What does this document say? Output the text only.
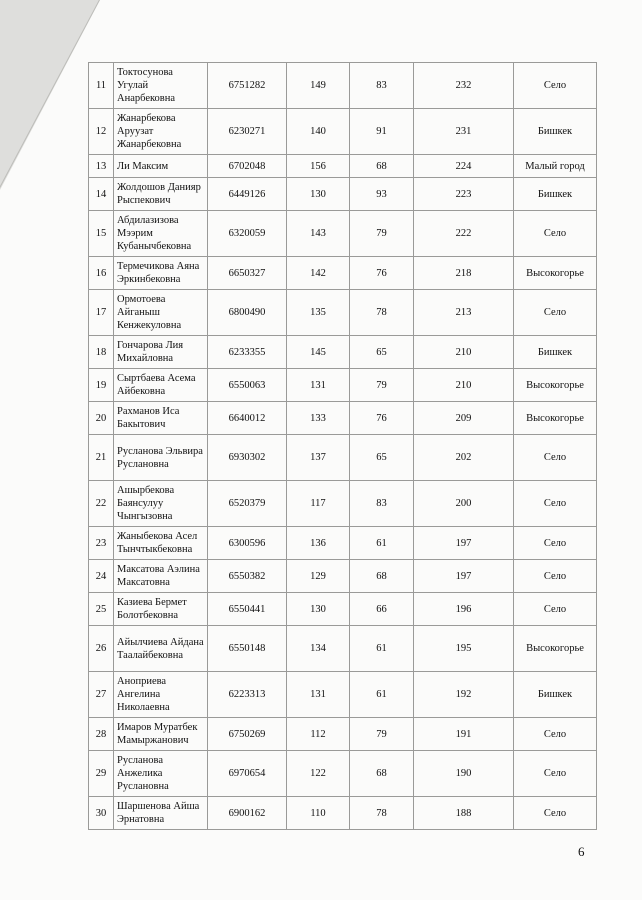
11	Токтосунова Угулай Анарбековна	6751282	149	83	232	Село
12	Жанарбекова Аруузат Жанарбековна	6230271	140	91	231	Бишкек
13	Ли Максим	6702048	156	68	224	Малый город
14	Жолдошов Данияр Рыспекович	6449126	130	93	223	Бишкек
15	Абдилазизова Мээрим Кубанычбековна	6320059	143	79	222	Село
16	Термечикова Аяна Эркинбековна	6650327	142	76	218	Высокогорье
17	Ормотоева Айганыш Кенжекуловна	6800490	135	78	213	Село
18	Гончарова Лия Михайловна	6233355	145	65	210	Бишкек
19	Сыртбаева Асема Айбековна	6550063	131	79	210	Высокогорье
20	Рахманов Иса Бакытович	6640012	133	76	209	Высокогорье
21	Русланова Эльвира Руслановна	6930302	137	65	202	Село
22	Ашырбекова Баянсулуу Чынгызовна	6520379	117	83	200	Село
23	Жаныбекова Асел Тынчтыкбековна	6300596	136	61	197	Село
24	Максатова Аэлина Максатовна	6550382	129	68	197	Село
25	Казиева Бермет Болотбековна	6550441	130	66	196	Село
26	Айылчиева Айдана Таалайбековна	6550148	134	61	195	Высокогорье
27	Аноприева Ангелина Николаевна	6223313	131	61	192	Бишкек
28	Имаров Муратбек Мамыржанович	6750269	112	79	191	Село
29	Русланова Анжелика Руслановна	6970654	122	68	190	Село
30	Шаршеновa Айша Эрнатовна	6900162	110	78	188	Село
6
